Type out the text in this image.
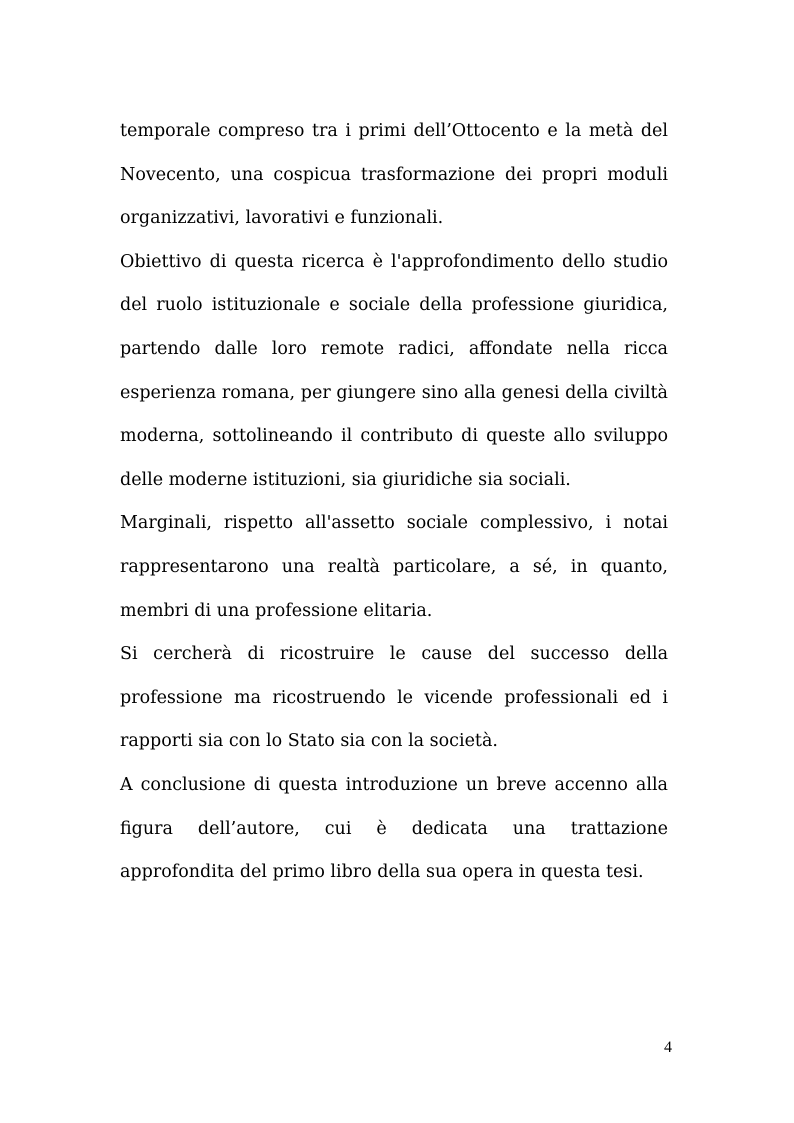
temporale compreso tra i primi dell’Ottocento e la metà del Novecento, una cospicua trasformazione dei propri moduli organizzativi, lavorativi e funzionali.

Obiettivo di questa ricerca è l'approfondimento dello studio del ruolo istituzionale e sociale della professione giuridica, partendo dalle loro remote radici, affondate nella ricca esperienza romana, per giungere sino alla genesi della civiltà moderna, sottolineando il contributo di queste allo sviluppo delle moderne istituzioni, sia giuridiche sia sociali.

Marginali, rispetto all'assetto sociale complessivo, i notai rappresentarono una realtà particolare, a sé, in quanto, membri di una professione elitaria.

Si cercherà di ricostruire le cause del successo della professione ma ricostruendo le vicende professionali ed i rapporti sia con lo Stato sia con la società.

A conclusione di questa introduzione un breve accenno alla figura dell’autore, cui è dedicata una trattazione approfondita del primo libro della sua opera in questa tesi.

4
